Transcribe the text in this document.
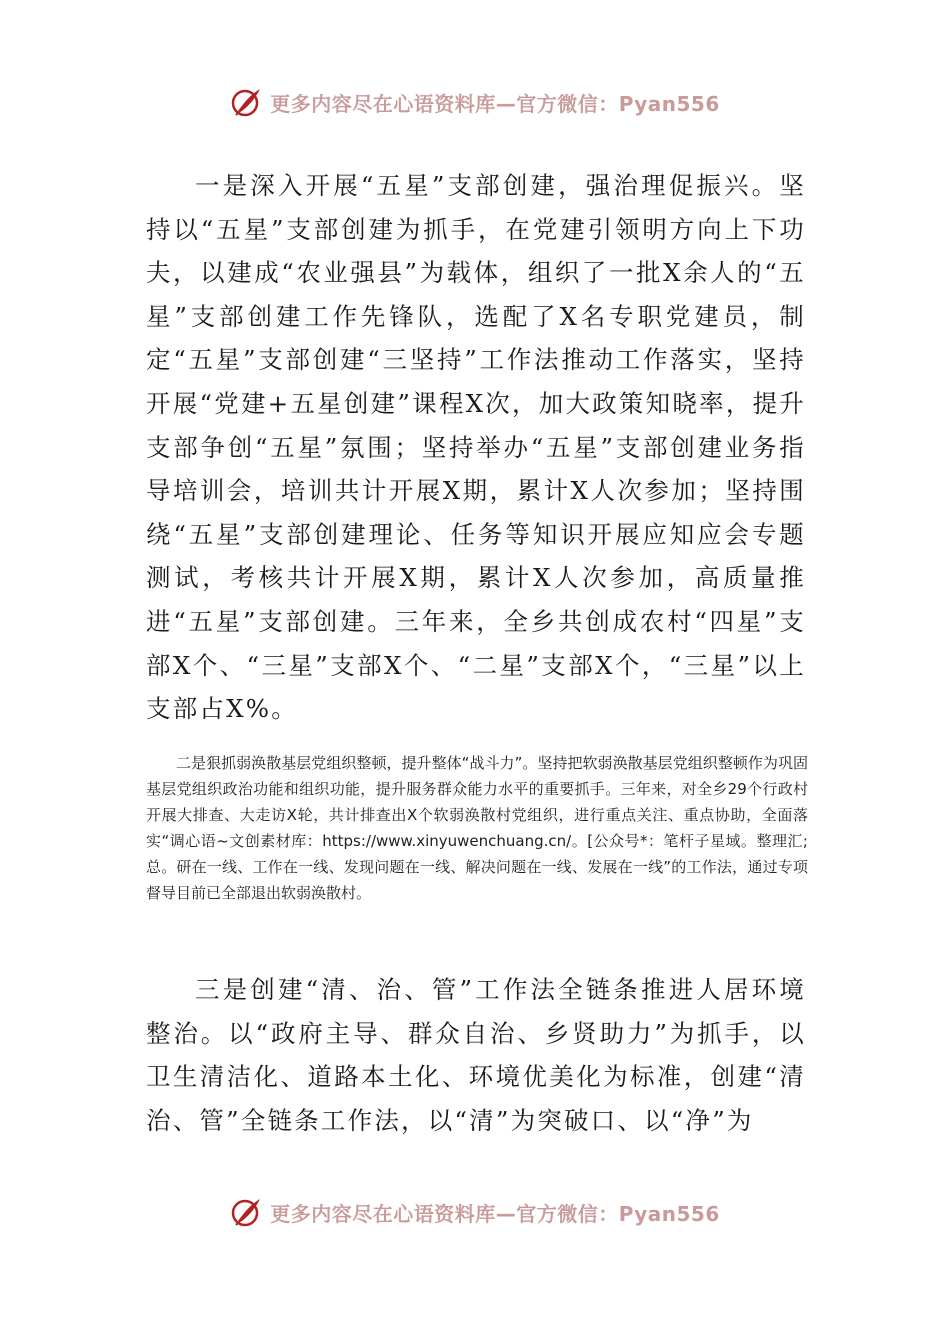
更多内容尽在心语资料库—官方微信：Pyan556

一是深入开展“五星”支部创建，强治理促振兴。坚持以“五星”支部创建为抓手，在党建引领明方向上下功夫，以建成“农业强县”为载体，组织了一批X余人的“五星”支部创建工作先锋队，选配了X名专职党建员，制定“五星”支部创建“三坚持”工作法推动工作落实，坚持开展“党建+五星创建”课程X次，加大政策知晓率，提升支部争创“五星”氛围；坚持举办“五星”支部创建业务指导培训会，培训共计开展X期，累计X人次参加；坚持围绕“五星”支部创建理论、任务等知识开展应知应会专题测试，考核共计开展X期，累计X人次参加，高质量推进“五星”支部创建。三年来，全乡共创成农村“四星”支部X个、“三星”支部X个、“二星”支部X个，“三星”以上支部占X%。

二是狠抓弱涣散基层党组织整顿，提升整体“战斗力”。坚持把软弱涣散基层党组织整顿作为巩固基层党组织政治功能和组织功能，提升服务群众能力水平的重要抓手。三年来，对全乡29个行政村开展大排查、大走访X轮，共计排查出X个软弱涣散村党组织，进行重点关注、重点协助，全面落实“调心语~文创素材库：https://www.xinyuwenchuang.cn/。[公众号*：笔杆子星域。整理汇;总。研在一线、工作在一线、发现问题在一线、解决问题在一线、发展在一线”的工作法，通过专项督导目前已全部退出软弱涣散村。

三是创建“清、治、管”工作法全链条推进人居环境整治。以“政府主导、群众自治、乡贤助力”为抓手，以卫生清洁化、道路本土化、环境优美化为标准，创建“清治、管”全链条工作法，以“清”为突破口、以“净”为

更多内容尽在心语资料库—官方微信：Pyan556
